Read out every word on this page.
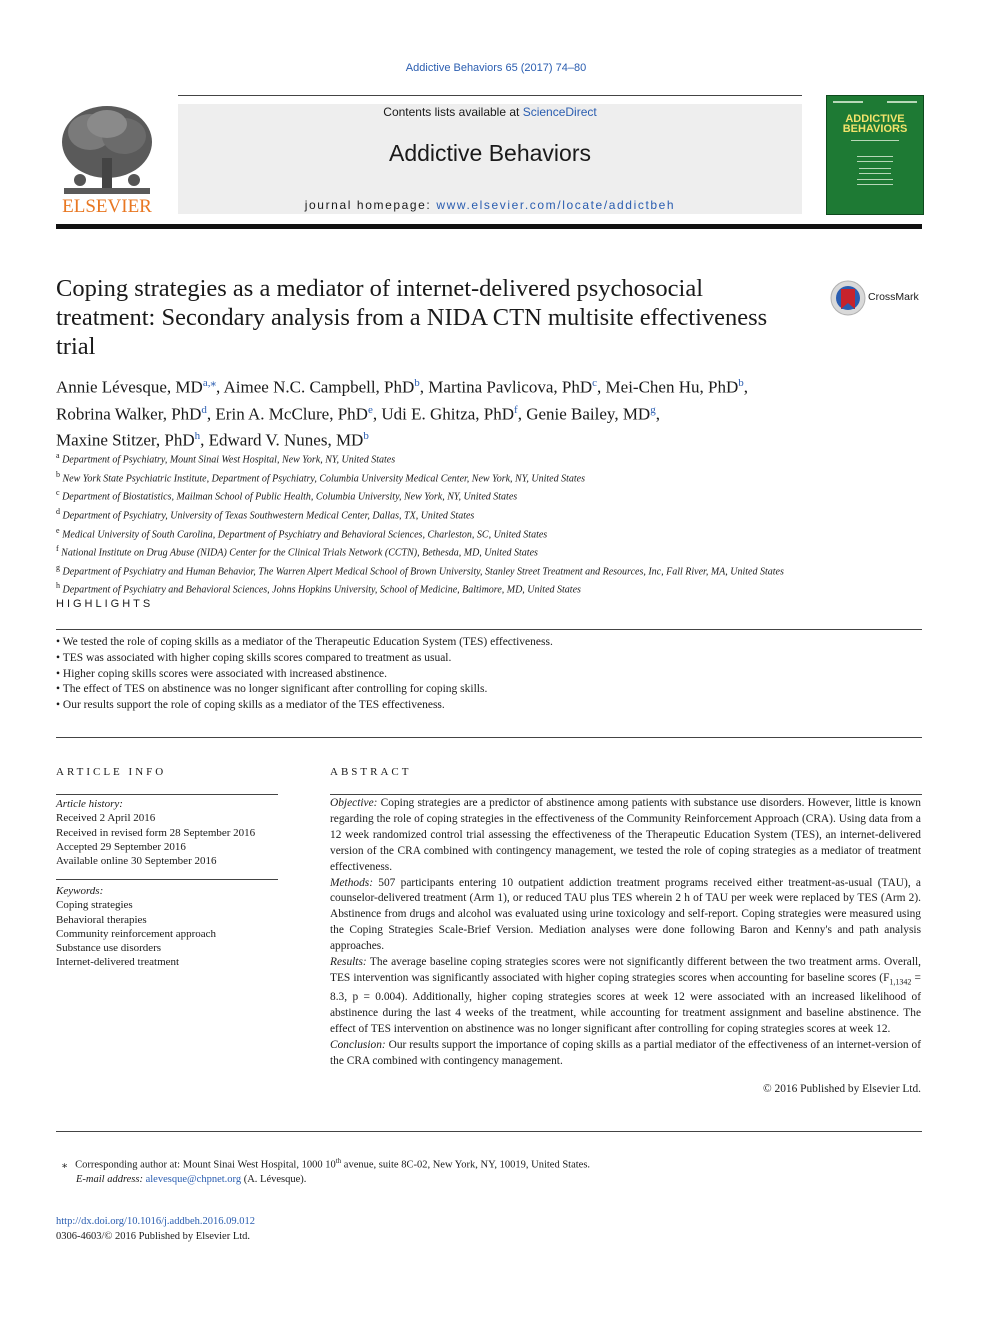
Addictive Behaviors 65 (2017) 74–80
Contents lists available at ScienceDirect
Addictive Behaviors
journal homepage: www.elsevier.com/locate/addictbeh
ELSEVIER
ADDICTIVE
BEHAVIORS
Coping strategies as a mediator of internet-delivered psychosocial treatment: Secondary analysis from a NIDA CTN multisite effectiveness trial
CrossMark
Annie Lévesque, $MD^{a,⁎}$, Aimee N.C. Campbell, PhD$^b$, Martina Pavlicova, PhD$^c$, Mei-Chen Hu, PhD$^b$,
Robrina Walker, PhD$^d$, Erin A. McClure, PhD$^e$, Udi E. Ghitza, PhD$^f$, Genie Bailey, $MD^g$,
Maxine Stitzer, PhD$^h$, Edward V. Nunes, $MD^b$
$^a$ Department of Psychiatry, Mount Sinai West Hospital, New York, NY, United States
$^b$ New York State Psychiatric Institute, Department of Psychiatry, Columbia University Medical Center, New York, NY, United States
$^c$ Department of Biostatistics, Mailman School of Public Health, Columbia University, New York, NY, United States
$^d$ Department of Psychiatry, University of Texas Southwestern Medical Center, Dallas, TX, United States
$^e$ Medical University of South Carolina, Department of Psychiatry and Behavioral Sciences, Charleston, SC, United States
$^f$ National Institute on Drug Abuse (NIDA) Center for the Clinical Trials Network (CCTN), Bethesda, MD, United States
$^g$ Department of Psychiatry and Human Behavior, The Warren Alpert Medical School of Brown University, Stanley Street Treatment and Resources, Inc, Fall River, MA, United States
$^h$ Department of Psychiatry and Behavioral Sciences, Johns Hopkins University, School of Medicine, Baltimore, MD, United States
HIGHLIGHTS
• We tested the role of coping skills as a mediator of the Therapeutic Education System (TES) effectiveness.
• TES was associated with higher coping skills scores compared to treatment as usual.
• Higher coping skills scores were associated with increased abstinence.
• The effect of TES on abstinence was no longer significant after controlling for coping skills.
• Our results support the role of coping skills as a mediator of the TES effectiveness.
ARTICLE INFO
Article history:
Received 2 April 2016
Received in revised form 28 September 2016
Accepted 29 September 2016
Available online 30 September 2016
Keywords:
Coping strategies
Behavioral therapies
Community reinforcement approach
Substance use disorders
Internet-delivered treatment
ABSTRACT

Objective: Coping strategies are a predictor of abstinence among patients with substance use disorders. However, little is known regarding the role of coping strategies in the effectiveness of the Community Reinforcement Approach (CRA). Using data from a 12 week randomized control trial assessing the effectiveness of the Therapeutic Education System (TES), an internet-delivered version of the CRA combined with contingency management, we tested the role of coping strategies as a mediator of treatment effectiveness.

Methods: 507 participants entering 10 outpatient addiction treatment programs received either treatment-as-usual (TAU), a counselor-delivered treatment (Arm 1), or reduced TAU plus TES wherein 2 h of TAU per week were replaced by TES (Arm 2). Abstinence from drugs and alcohol was evaluated using urine toxicology and self-report. Coping strategies were measured using the Coping Strategies Scale-Brief Version. Mediation analyses were done following Baron and Kenny's and path analysis approaches.

Results: The average baseline coping strategies scores were not significantly different between the two treatment arms. Overall, TES intervention was significantly associated with higher coping strategies scores when accounting for baseline scores ($F_{1,1342} = 8.3$, p = 0.004). Additionally, higher coping strategies scores at week 12 were associated with an increased likelihood of abstinence during the last 4 weeks of the treatment, while accounting for treatment assignment and baseline abstinence. The effect of TES intervention on abstinence was no longer significant after controlling for coping strategies scores at week 12.

Conclusion: Our results support the importance of coping skills as a partial mediator of the effectiveness of an internet-version of the CRA combined with contingency management.

© 2016 Published by Elsevier Ltd.
⁎ Corresponding author at: Mount Sinai West Hospital, 1000 10th avenue, suite 8C-02, New York, NY, 10019, United States.
E-mail address: alevesque@chpnet.org (A. Lévesque).
http://dx.doi.org/10.1016/j.addbeh.2016.09.012
0306-4603/© 2016 Published by Elsevier Ltd.
